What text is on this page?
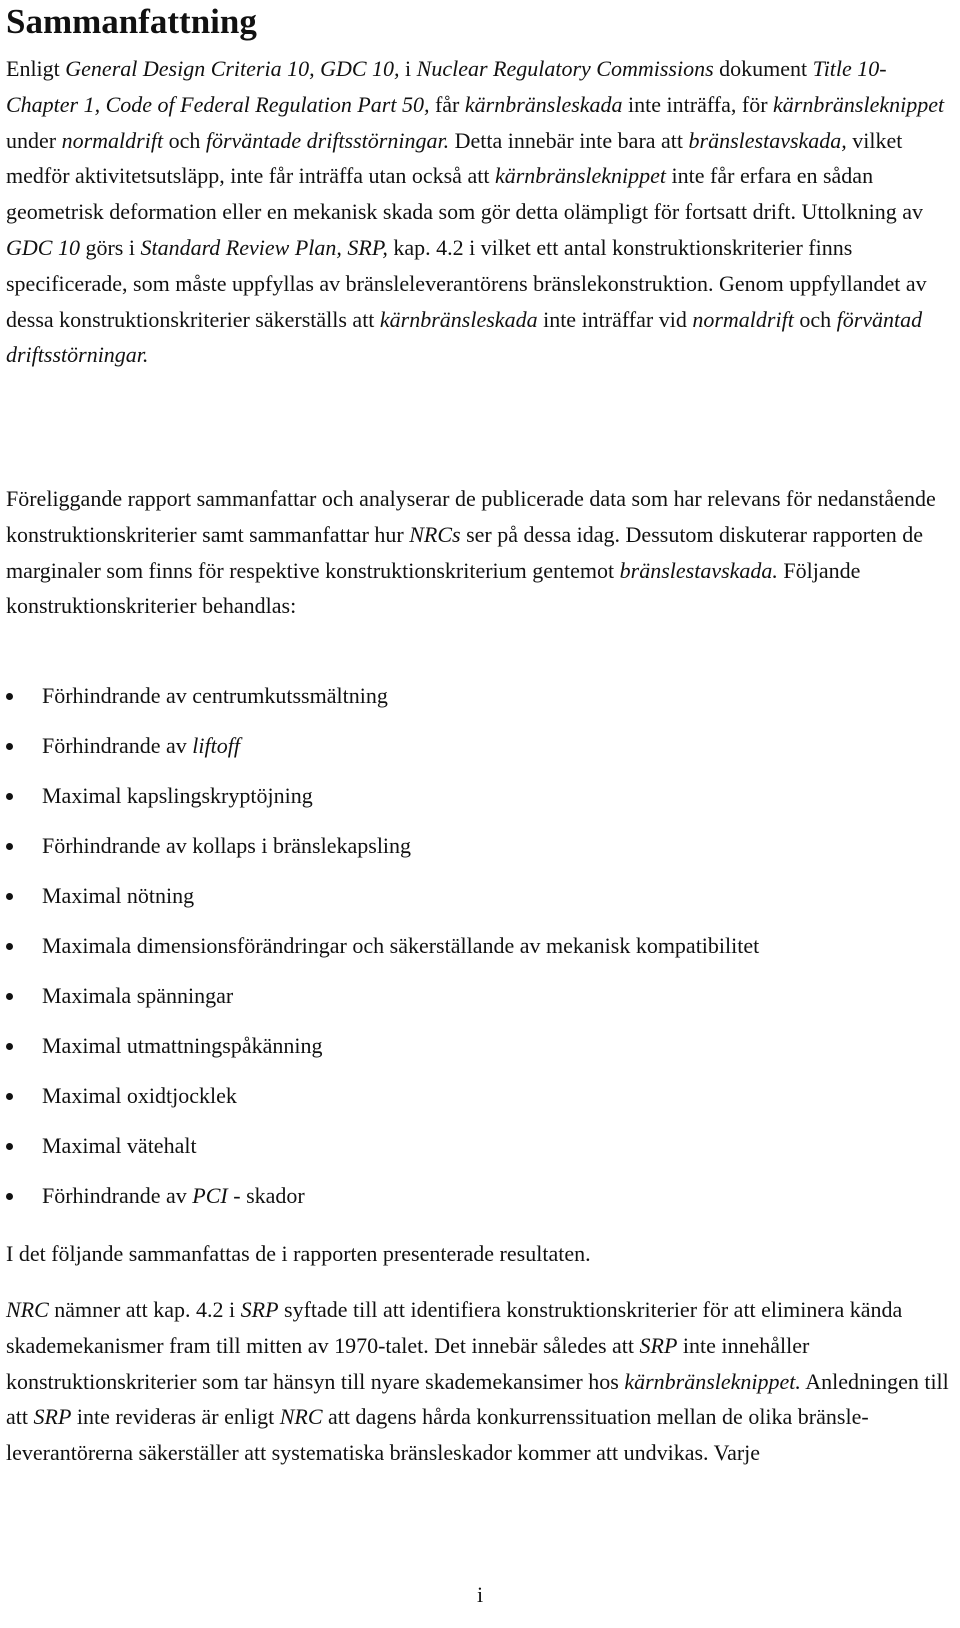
Sammanfattning

Enligt General Design Criteria 10, GDC 10, i Nuclear Regulatory Commissions dokument Title 10-Chapter 1, Code of Federal Regulation Part 50, får kärnbränsleskada inte inträffa, för kärnbränsleknippet under normaldrift och förväntade driftsstörningar. Detta innebär inte bara att bränslestavskada, vilket medför aktivitetsutsläpp, inte får inträffa utan också att kärnbränsleknippet inte får erfara en sådan geometrisk deformation eller en mekanisk skada som gör detta olämpligt för fortsatt drift. Uttolkning av GDC 10 görs i Standard Review Plan, SRP, kap. 4.2 i vilket ett antal konstruktionskriterier finns specificerade, som måste uppfyllas av bränsleleverantörens bränslekonstruktion. Genom uppfyllandet av dessa konstruktionskriterier säkerställs att kärnbränsleskada inte inträffar vid normaldrift och förväntad driftsstörningar.

Föreliggande rapport sammanfattar och analyserar de publicerade data som har relevans för nedanstående konstruktionskriterier samt sammanfattar hur NRCs ser på dessa idag. Dessutom diskuterar rapporten de marginaler som finns för respektive konstruktionskriterium gentemot bränslestavskada. Följande konstruktionskriterier behandlas:

Förhindrande av centrumkutssmältning
Förhindrande av liftoff
Maximal kapslingskryptöjning
Förhindrande av kollaps i bränslekapsling
Maximal nötning
Maximala dimensionsförändringar och säkerställande av mekanisk kompatibilitet
Maximala spänningar
Maximal utmattningspåkänning
Maximal oxidtjocklek
Maximal vätehalt
Förhindrande av PCI - skador

I det följande sammanfattas de i rapporten presenterade resultaten.

NRC nämner att kap. 4.2 i SRP syftade till att identifiera konstruktionskriterier för att eliminera kända skademekanismer fram till mitten av 1970-talet. Det innebär således att SRP inte innehåller konstruktionskriterier som tar hänsyn till nyare skademekansimer hos kärnbränsleknippet. Anledningen till att SRP inte revideras är enligt NRC att dagens hårda konkurrenssituation mellan de olika bränsle-leverantörerna säkerställer att systematiska bränsleskador kommer att undvikas. Varje

i
